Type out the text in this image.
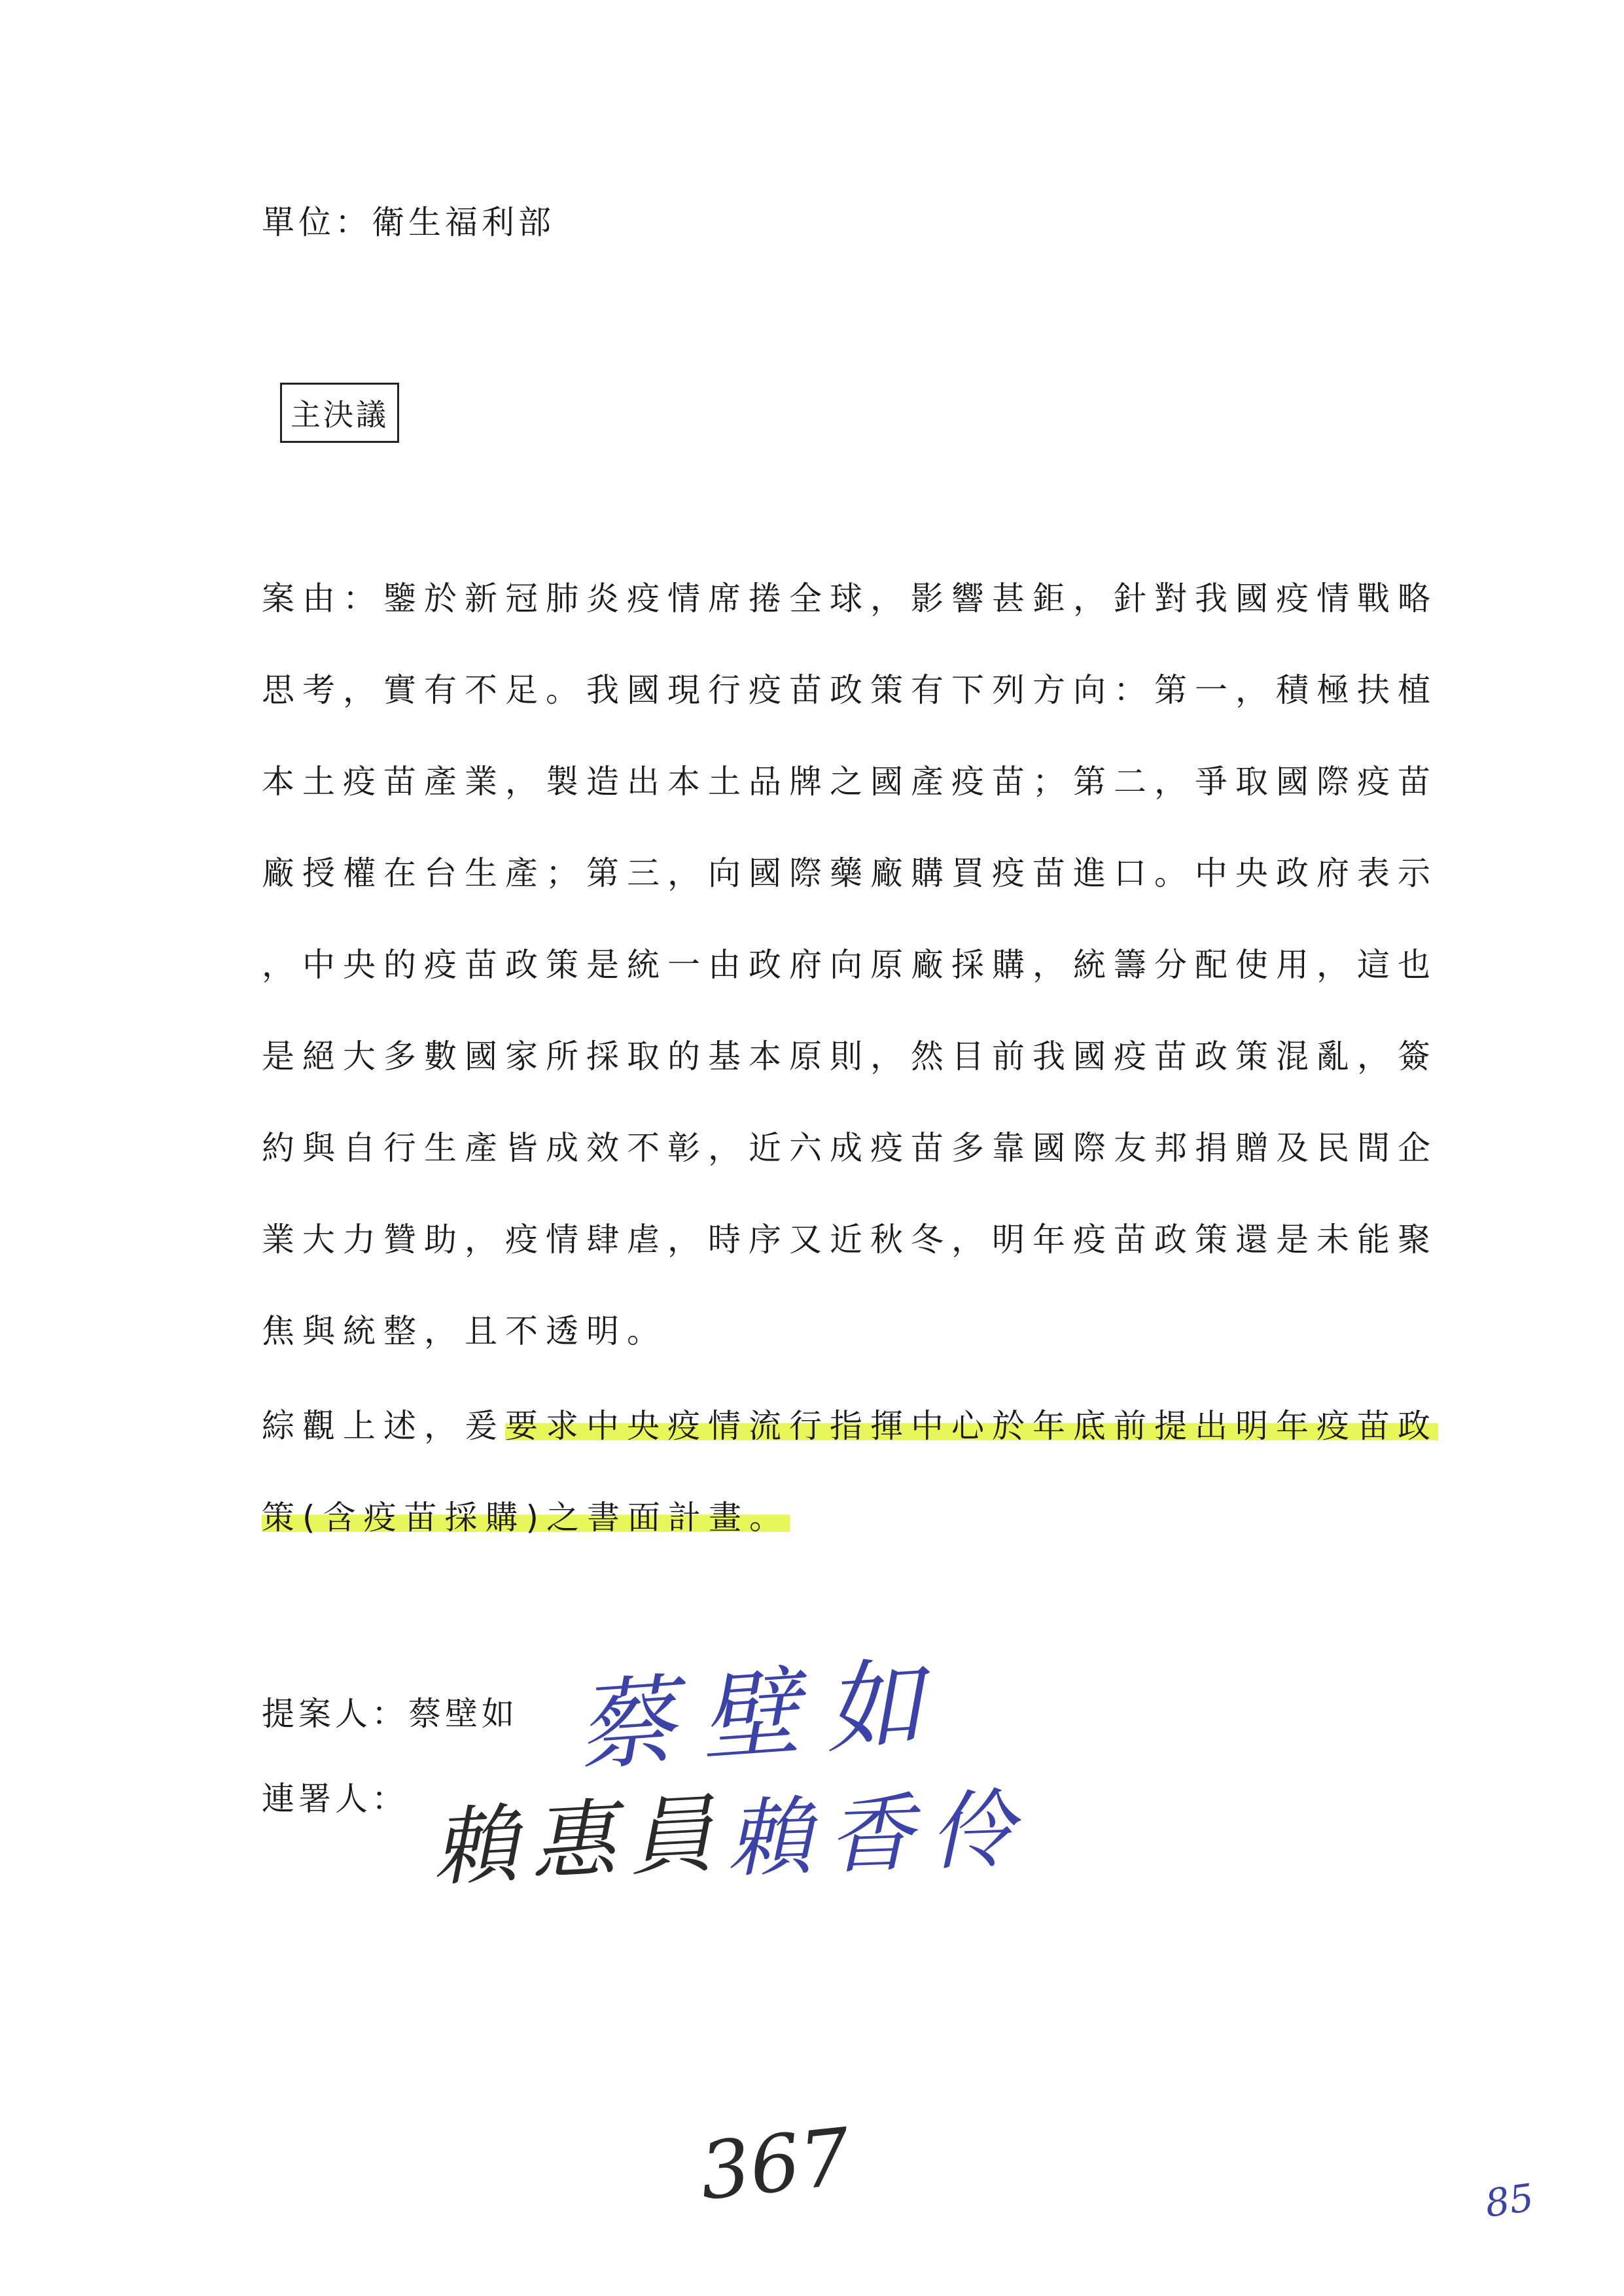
單位：衛生福利部
主決議
案由：鑒於新冠肺炎疫情席捲全球，影響甚鉅，針對我國疫情戰略
思考，實有不足。我國現行疫苗政策有下列方向：第一，積極扶植
本土疫苗產業，製造出本土品牌之國產疫苗；第二，爭取國際疫苗
廠授權在台生產；第三，向國際藥廠購買疫苗進口。中央政府表示
，中央的疫苗政策是統一由政府向原廠採購，統籌分配使用，這也
是絕大多數國家所採取的基本原則，然目前我國疫苗政策混亂，簽
約與自行生產皆成效不彰，近六成疫苗多靠國際友邦捐贈及民間企
業大力贊助，疫情肆虐，時序又近秋冬，明年疫苗政策還是未能聚
焦與統整，且不透明。
綜觀上述，爰要求中央疫情流行指揮中心於年底前提出明年疫苗政
策(含疫苗採購)之書面計畫。
提案人：蔡壁如 蔡壁如
連署人： 賴惠員
賴香伶
367	85
